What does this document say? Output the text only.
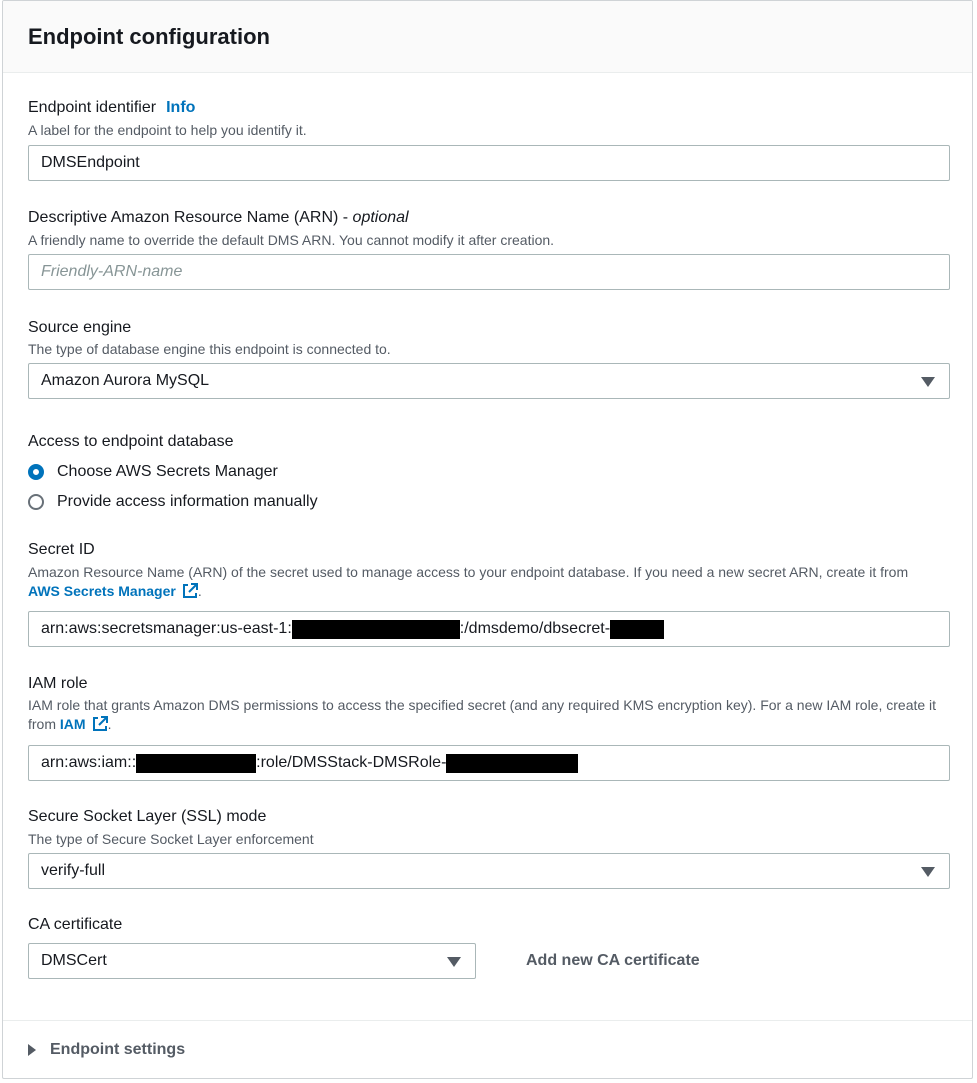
Endpoint configuration
Endpoint identifier Info
A label for the endpoint to help you identify it.
DMSEndpoint
Descriptive Amazon Resource Name (ARN) - optional
A friendly name to override the default DMS ARN. You cannot modify it after creation.
Friendly-ARN-name
Source engine
The type of database engine this endpoint is connected to.
Amazon Aurora MySQL
Access to endpoint database
Choose AWS Secrets Manager
Provide access information manually
Secret ID
Amazon Resource Name (ARN) of the secret used to manage access to your endpoint database. If you need a new secret ARN, create it from
AWS Secrets Manager .
arn:aws:secretsmanager:us-east-1:	:/dmsdemo/dbsecret-
IAM role
IAM role that grants Amazon DMS permissions to access the specified secret (and any required KMS encryption key). For a new IAM role, create it from IAM .
arn:aws:iam::	:role/DMSStack-DMSRole-
Secure Socket Layer (SSL) mode
The type of Secure Socket Layer enforcement
verify-full
CA certificate
DMSCert	Add new CA certificate
Endpoint settings
